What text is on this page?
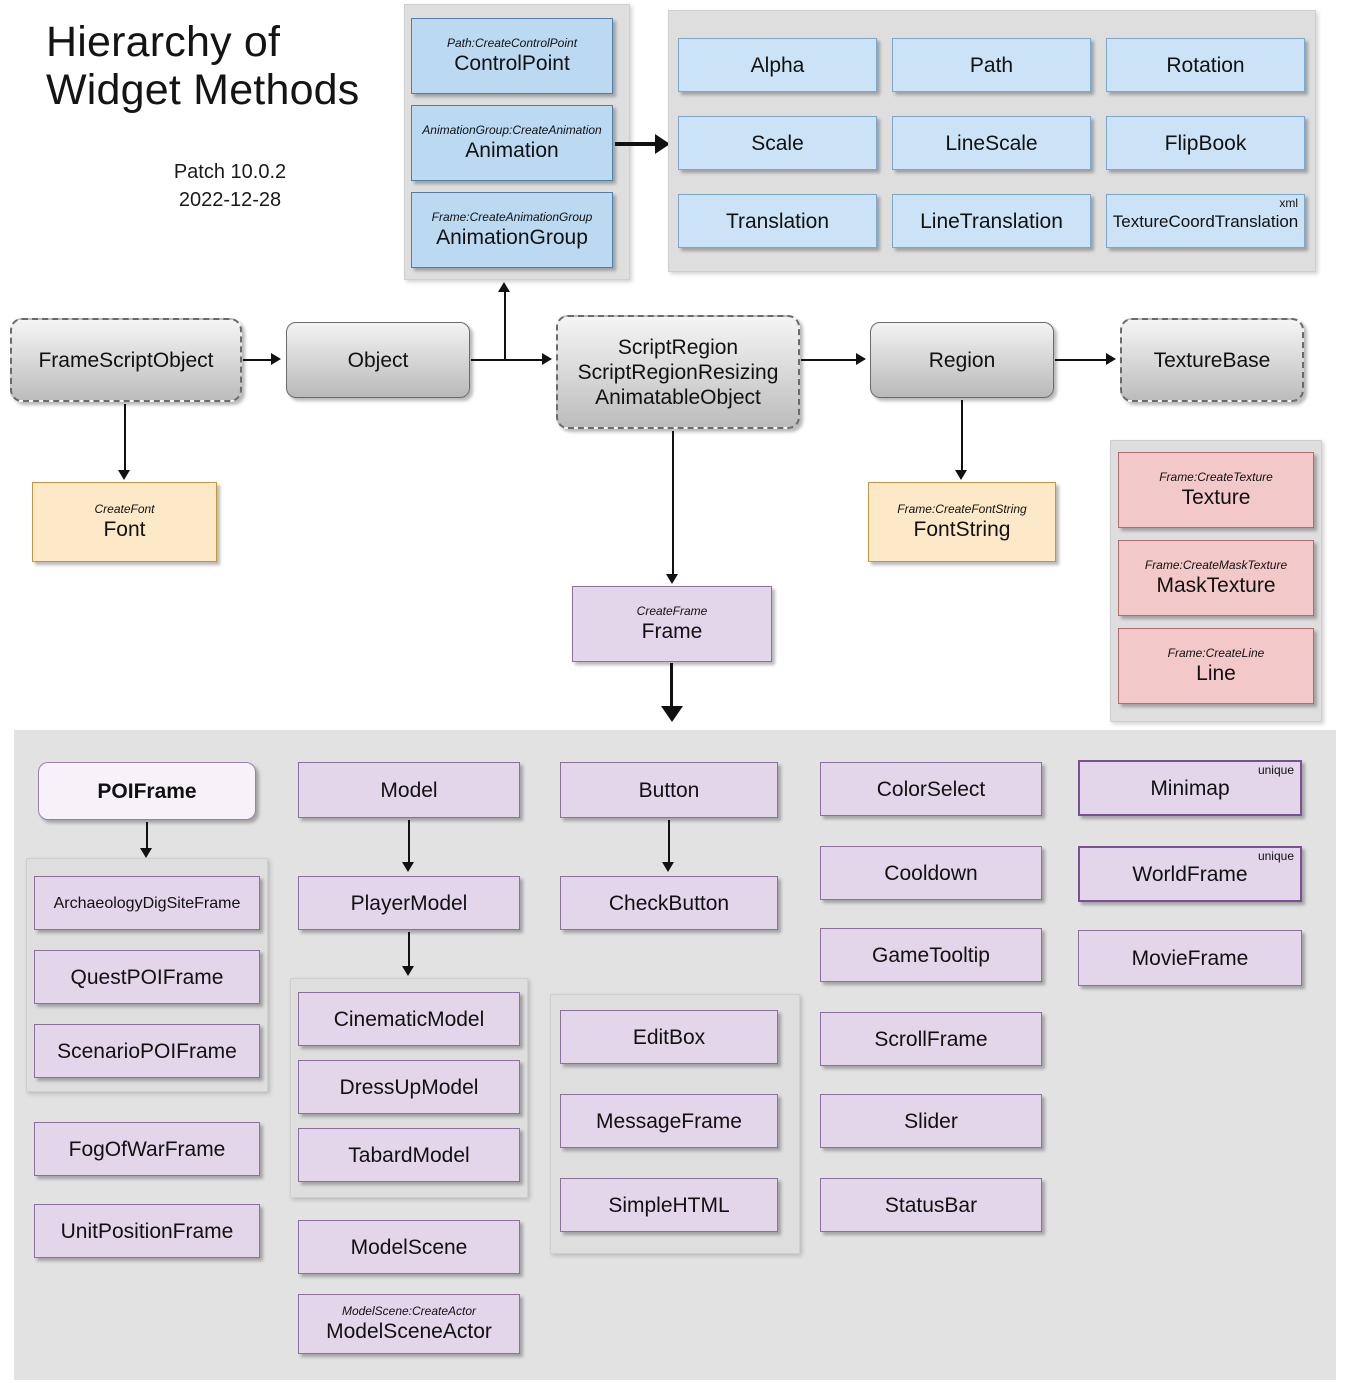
Hierarchy of
Widget Methods
Patch 10.0.2
2022-12-28
Path:CreateControlPoint
ControlPoint
AnimationGroup:CreateAnimation
Animation
Frame:CreateAnimationGroup
AnimationGroup
Alpha	Path	Rotation
Scale	LineScale	FlipBook
Translation	LineTranslation
xml
TextureCoordTranslation
FrameScriptObject	Object
ScriptRegion
ScriptRegionResizing
AnimatableObject
Region	TextureBase
CreateFont
Font
Frame:CreateFontString
FontString
Frame:CreateTexture
Texture
Frame:CreateMaskTexture
MaskTexture
Frame:CreateLine
Line
CreateFrame
Frame
POIFrame
ArchaeologyDigSiteFrame
QuestPOIFrame
ScenarioPOIFrame
FogOfWarFrame
UnitPositionFrame
Model
PlayerModel
CinematicModel
DressUpModel
TabardModel
ModelScene
ModelScene:CreateActor
ModelSceneActor
Button
CheckButton
EditBox
MessageFrame
SimpleHTML
ColorSelect
Cooldown
GameTooltip
ScrollFrame
Slider
StatusBar
unique
Minimap
unique
WorldFrame
MovieFrame
